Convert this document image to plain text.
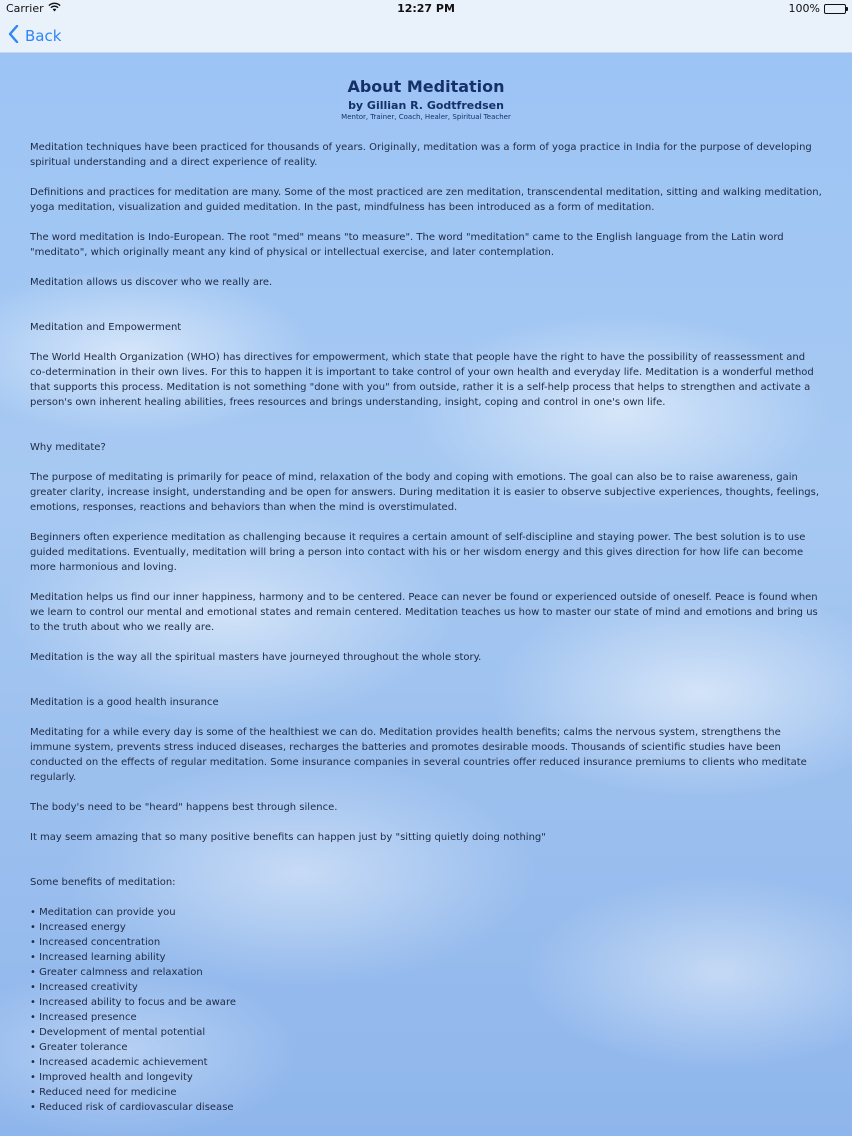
Carrier	12:27 PM	100%
Back
About Meditation
by Gillian R. Godtfredsen
Mentor, Trainer, Coach, Healer, Spiritual Teacher

Meditation techniques have been practiced for thousands of years. Originally, meditation was a form of yoga practice in India for the purpose of developing spiritual understanding and a direct experience of reality.

Definitions and practices for meditation are many. Some of the most practiced are zen meditation, transcendental meditation, sitting and walking meditation, yoga meditation, visualization and guided meditation. In the past, mindfulness has been introduced as a form of meditation.

The word meditation is Indo-European. The root "med" means "to measure". The word "meditation" came to the English language from the Latin word "meditato", which originally meant any kind of physical or intellectual exercise, and later contemplation.

Meditation allows us discover who we really are.

Meditation and Empowerment

The World Health Organization (WHO) has directives for empowerment, which state that people have the right to have the possibility of reassessment and co-determination in their own lives. For this to happen it is important to take control of your own health and everyday life. Meditation is a wonderful method that supports this process. Meditation is not something "done with you" from outside, rather it is a self-help process that helps to strengthen and activate a person's own inherent healing abilities, frees resources and brings understanding, insight, coping and control in one's own life.

Why meditate?

The purpose of meditating is primarily for peace of mind, relaxation of the body and coping with emotions. The goal can also be to raise awareness, gain greater clarity, increase insight, understanding and be open for answers. During meditation it is easier to observe subjective experiences, thoughts, feelings, emotions, responses, reactions and behaviors than when the mind is overstimulated.

Beginners often experience meditation as challenging because it requires a certain amount of self-discipline and staying power. The best solution is to use guided meditations. Eventually, meditation will bring a person into contact with his or her wisdom energy and this gives direction for how life can become more harmonious and loving.

Meditation helps us find our inner happiness, harmony and to be centered. Peace can never be found or experienced outside of oneself. Peace is found when we learn to control our mental and emotional states and remain centered. Meditation teaches us how to master our state of mind and emotions and bring us to the truth about who we really are.

Meditation is the way all the spiritual masters have journeyed throughout the whole story.

Meditation is a good health insurance

Meditating for a while every day is some of the healthiest we can do. Meditation provides health benefits; calms the nervous system, strengthens the immune system, prevents stress induced diseases, recharges the batteries and promotes desirable moods. Thousands of scientific studies have been conducted on the effects of regular meditation. Some insurance companies in several countries offer reduced insurance premiums to clients who meditate regularly.

The body's need to be "heard" happens best through silence.

It may seem amazing that so many positive benefits can happen just by "sitting quietly doing nothing"

Some benefits of meditation:

• Meditation can provide you
• Increased energy
• Increased concentration
• Increased learning ability
• Greater calmness and relaxation
• Increased creativity
• Increased ability to focus and be aware
• Increased presence
• Development of mental potential
• Greater tolerance
• Increased academic achievement
• Improved health and longevity
• Reduced need for medicine
• Reduced risk of cardiovascular disease
